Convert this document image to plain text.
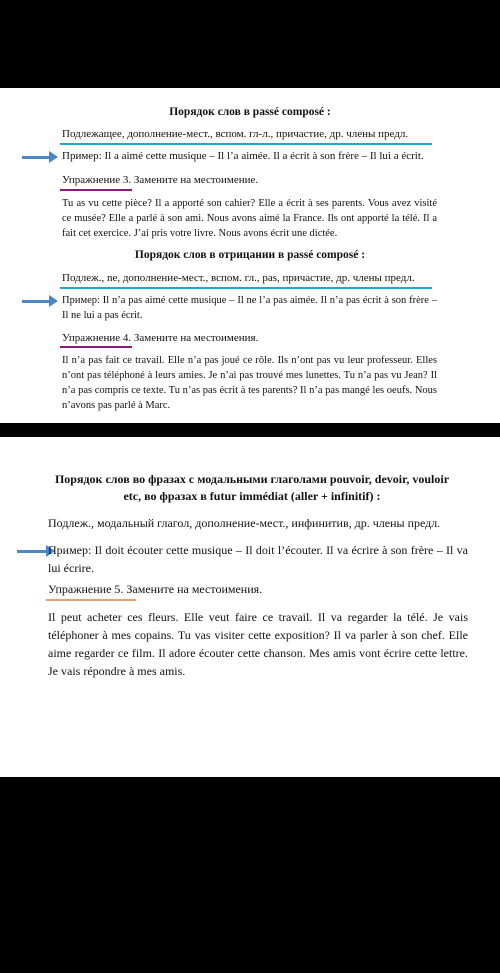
Порядок слов в passé composé :
Подлежащее, дополнение-мест., вспом. гл-л., причастие, др. члены предл.
Пример: Il a aimé cette musique – Il l’a aimée. Il a écrit à son frère – Il lui a écrit.
Упражнение 3. Замените на местоимение.
Tu as vu cette pièce? Il a apporté son cahier? Elle a écrit à ses parents. Vous avez visité ce musée? Elle a parlé à son ami. Nous avons aimé la France. Ils ont apporté la télé. Il a fait cet exercice. J’ai pris votre livre. Nous avons écrit une dictée.
Порядок слов в отрицании в passé composé :
Подлеж., ne, дополнение-мест., вспом. гл., pas, причастие, др. члены предл.
Пример: Il n’a pas aimé cette musique – Il ne l’a pas aimée. Il n’a pas écrit à son frère – Il ne lui a pas écrit.
Упражнение 4. Замените на местоимения.
Il n’a pas fait ce travail. Elle n’a pas joué ce rôle. Ils n’ont pas vu leur professeur. Elles n’ont pas téléphoné à leurs amies. Je n’ai pas trouvé mes lunettes. Tu n’a pas vu Jean? Il n’a pas compris ce texte. Tu n’as pas écrit à tes parents? Il n’a pas mangé les oeufs. Nous n’avons pas parlé à Marc.
Порядок слов во фразах с модальными глаголами pouvoir, devoir, vouloir etc, во фразах в futur immédiat (aller + infinitif) :
Подлеж., модальный глагол, дополнение-мест., инфинитив, др. члены предл.
Пример: Il doit écouter cette musique – Il doit l’écouter. Il va écrire à son frère – Il va lui écrire.
Упражнение 5. Замените на местоимения.
Il peut acheter ces fleurs. Elle veut faire ce travail. Il va regarder la télé. Je vais téléphoner à mes copains. Tu vas visiter cette exposition? Il va parler à son chef. Elle aime regarder ce film. Il adore écouter cette chanson. Mes amis vont écrire cette lettre. Je vais répondre à mes amis.
